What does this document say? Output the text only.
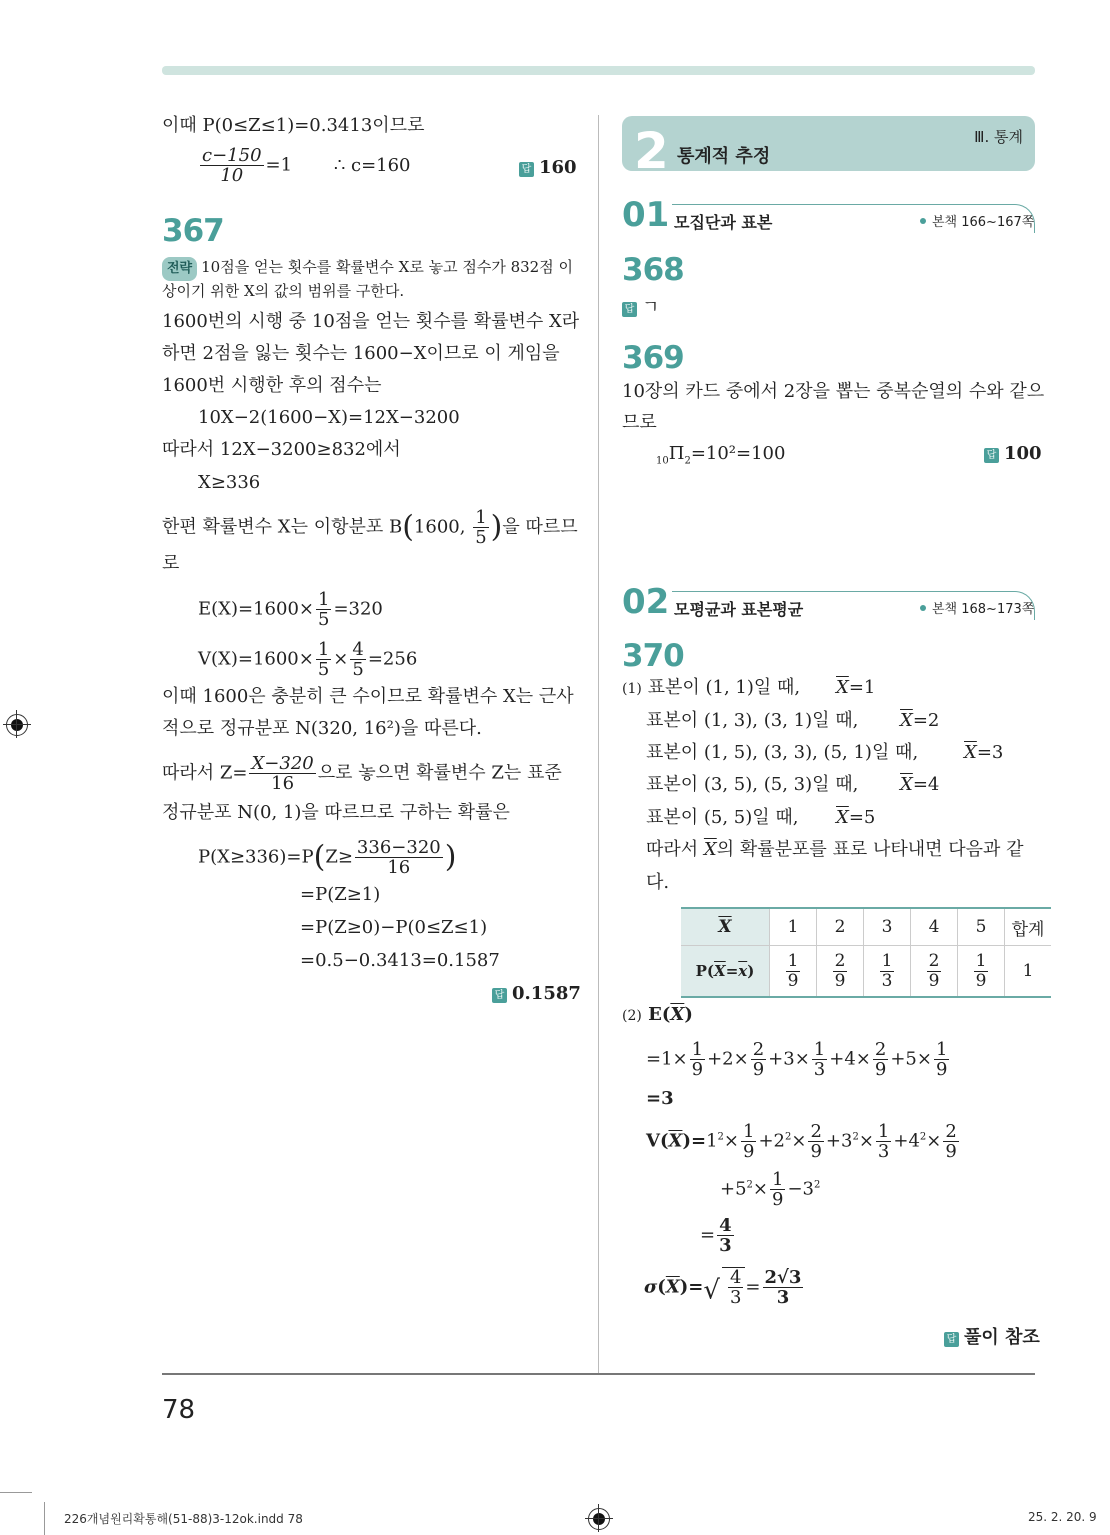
이때 P(0≤Z≤1)=0.3413이므로
$\frac{c-150}{10} =1$ ∴ c=160	답 160
367
전략 10점을 얻는 횟수를 확률변수 X로 놓고 점수가 832점 이
상이기 위한 X의 값의 범위를 구한다.
1600번의 시행 중 10점을 얻는 횟수를 확률변수 X라
하면 2점을 잃는 횟수는 1600−X이므로 이 게임을
1600번 시행한 후의 점수는
10X−2(1600−X)=12X−3200
따라서 12X−3200≥832에서
X≥336
한편 확률변수 X는 이항분포 B(1600, $\frac{1}{5}$ )을 따르므
로
$E(X)=1600\times \frac{1}{5} =320$
$V(X)=1600\times \frac{1}{5} \times \frac{4}{5} =256$
이때 1600은 충분히 큰 수이므로 확률변수 X는 근사
적으로 정규분포 N(320, 16²)을 따른다.
따라서 $Z= \frac{X-320}{16}$ 으로 놓으면 확률변수 Z는 표준
정규분포 N(0, 1)을 따르므로 구하는 확률은
$P(X\ge 336)=P(Z\ge \frac{336-320}{16}$ )
=P(Z≥1)
=P(Z≥0)−P(0≤Z≤1)
=0.5−0.3413=0.1587
답 0.1587
2 통계적 추정
Ⅲ. 통계
01 모집단과 표본	본책 166~167쪽
368
답 ㄱ
369
10장의 카드 중에서 2장을 뽑는 중복순열의 수와 같으
므로
$_{10}\Pi_2=10^2=100$	답 100
02 모평균과 표본평균	본책 168~173쪽
370
(1) 표본이 (1, 1)일 때, $\overline{X}=1$
표본이 (1, 3), (3, 1)일 때, $\overline{X}=2$
표본이 (1, 5), (3, 3), (5, 1)일 때,	$\overline{X}=3$
표본이 (3, 5), (5, 3)일 때, $\overline{X}=4$
표본이 (5, 5)일 때, $\overline{X}=5$
따라서 $\overline{X}$의 확률분포를 표로 나타내면 다음과 같
다.
$\overline{X}$	1	2	3	4	5	합계
$P(\overline{X}=\overline{x})$	$\frac{1}{9}$	$\frac{2}{9}$	$\frac{1}{3}$	$\frac{2}{9}$	$\frac{1}{9}$	1
(2) $E(\overline{X})$
$=1\times \frac{1}{9} +2\times \frac{2}{9} +3\times \frac{1}{3} +4\times \frac{2}{9} +5\times \frac{1}{9}$
=3
$V(\overline{X})=1^2\times \frac{1}{9} +2^2\times \frac{2}{9} +3^2\times \frac{1}{3} +4^2\times \frac{2}{9}$
$+5^2\times \frac{1}{9} -3^2$
= $\frac{4}{3}$
$\sigma(\overline{X})=√ \frac{4}{3} = \frac{2√3}{3}$
답 풀이 참조
78
226개념원리확통해(51-88)3-12ok.indd 78	25. 2. 20. 9
